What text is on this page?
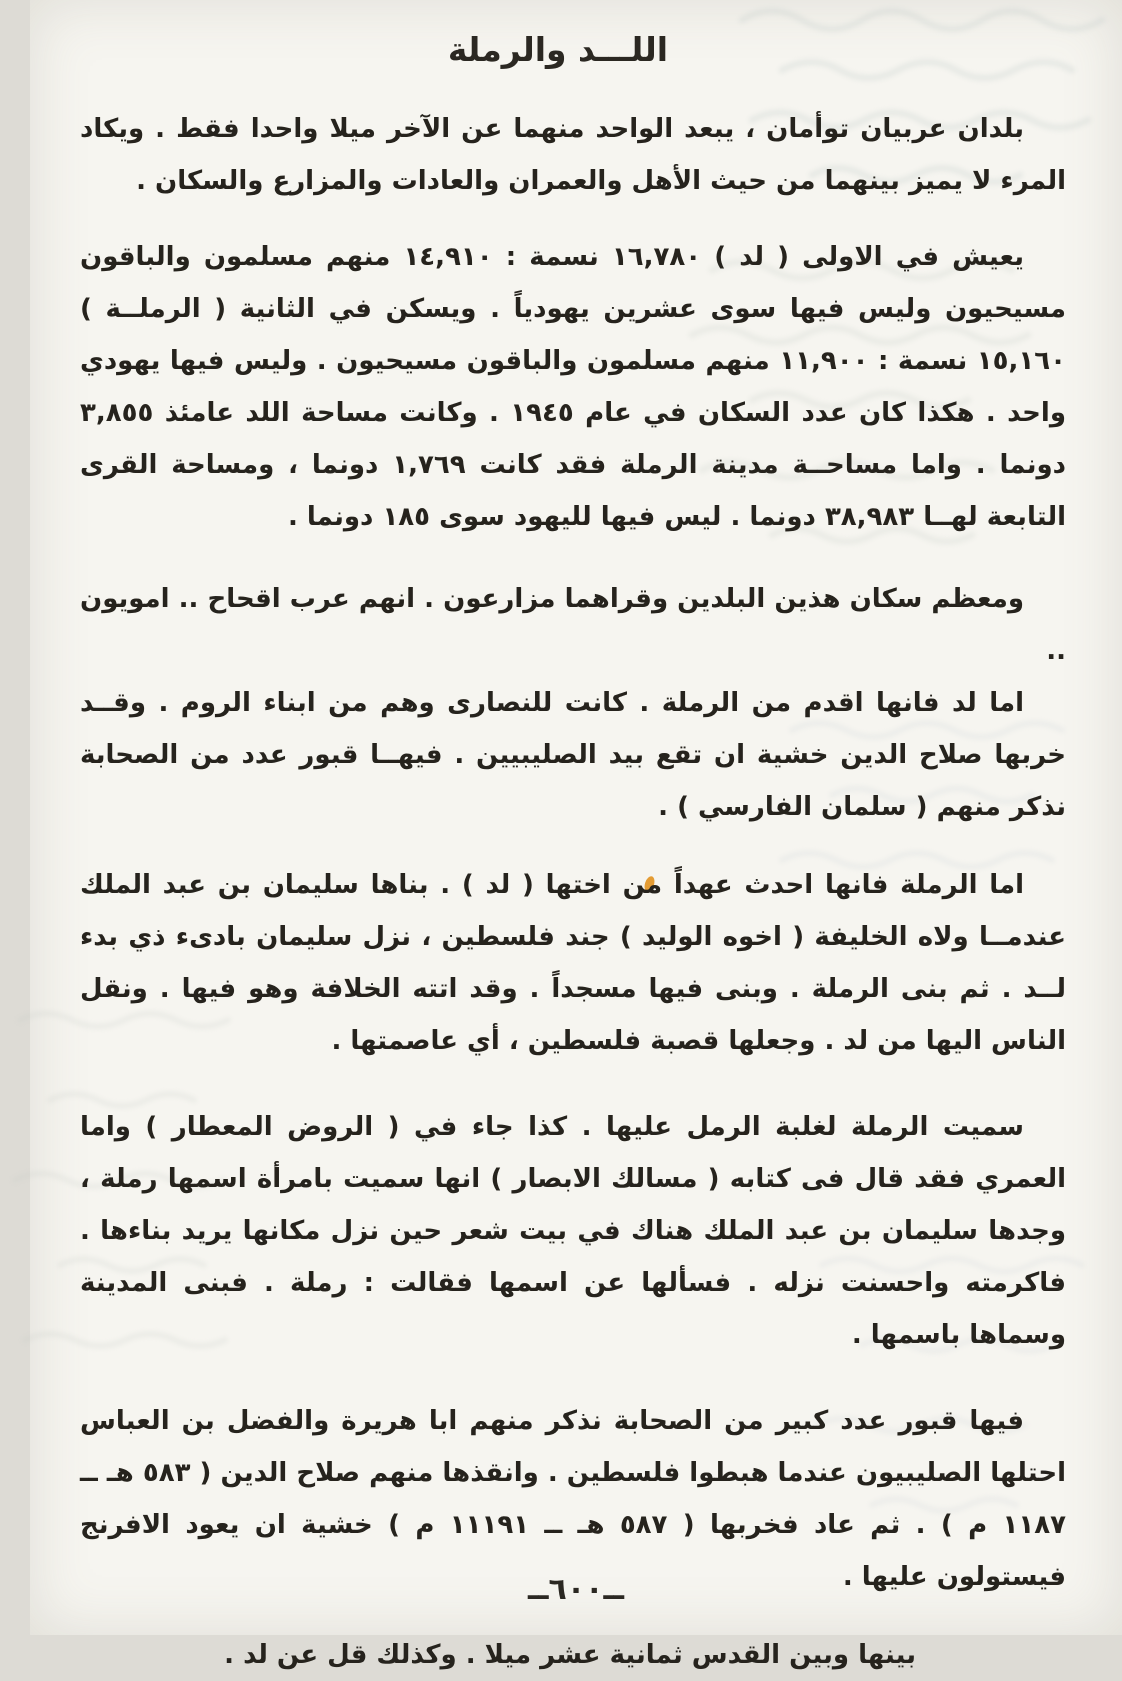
اللـــد والرملة

بلدان عربيان توأمان ، يبعد الواحد منهما عن الآخر ميلا واحدا فقط . ويكاد المرء لا يميز بينهما من حيث الأهل والعمران والعادات والمزارع والسكان .

يعيش في الاولى ( لد ) ١٦,٧٨٠ نسمة : ١٤,٩١٠ منهم مسلمون والباقون مسيحيون وليس فيها سوى عشرين يهودياً . ويسكن في الثانية ( الرملــة ) ١٥,١٦٠ نسمة : ١١,٩٠٠ منهم مسلمون والباقون مسيحيون . وليس فيها يهودي واحد . هكذا كان عدد السكان في عام ١٩٤٥ . وكانت مساحة اللد عامئذ ٣,٨٥٥ دونما . واما مساحــة مدينة الرملة فقد كانت ١,٧٦٩ دونما ، ومساحة القرى التابعة لهــا ٣٨,٩٨٣ دونما . ليس فيها لليهود سوى ١٨٥ دونما .

ومعظم سكان هذين البلدين وقراهما مزارعون . انهم عرب اقحاح .. امويون ..

اما لد فانها اقدم من الرملة . كانت للنصارى وهم من ابناء الروم . وقــد خربها صلاح الدين خشية ان تقع بيد الصليبيين . فيهــا قبور عدد من الصحابة نذكر منهم ( سلمان الفارسي ) .

اما الرملة فانها احدث عهداً من اختها ( لد ) . بناها سليمان بن عبد الملك عندمــا ولاه الخليفة ( اخوه الوليد ) جند فلسطين ، نزل سليمان بادىء ذي بدء لــد . ثم بنى الرملة . وبنى فيها مسجداً . وقد اتته الخلافة وهو فيها . ونقل الناس اليها من لد . وجعلها قصبة فلسطين ، أي عاصمتها .

سميت الرملة لغلبة الرمل عليها . كذا جاء في ( الروض المعطار ) واما العمري فقد قال فى كتابه ( مسالك الابصار ) انها سميت بامرأة اسمها رملة ، وجدها سليمان بن عبد الملك هناك في بيت شعر حين نزل مكانها يريد بناءها . فاكرمته واحسنت نزله . فسألها عن اسمها فقالت : رملة . فبنى المدينة وسماها باسمها .

فيها قبور عدد كبير من الصحابة نذكر منهم ابا هريرة والفضل بن العباس احتلها الصليبيون عندما هبطوا فلسطين . وانقذها منهم صلاح الدين ( ٥٨٣ هـ ــ ١١٨٧ م ) . ثم عاد فخربها ( ٥٨٧ هـ ــ ١١١٩١ م ) خشية ان يعود الافرنج فيستولون عليها .

بينها وبين القدس ثمانية عشر ميلا . وكذلك قل عن لد .

ــ٦٠٠ــ
